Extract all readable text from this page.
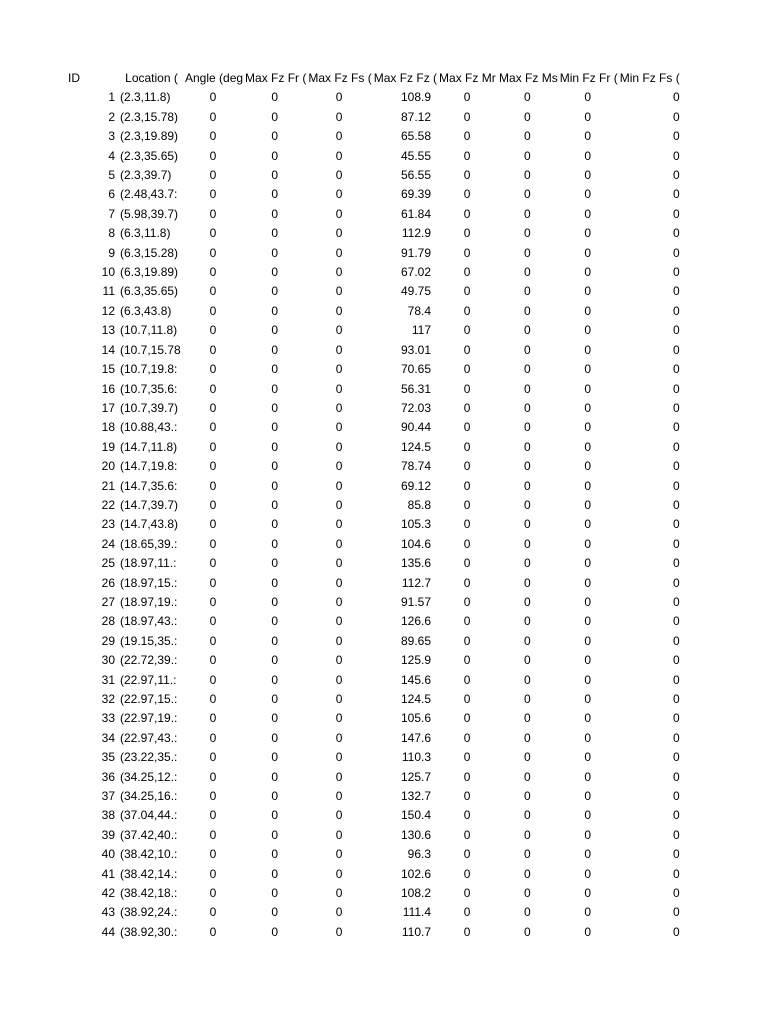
ID	Location (	Angle (deg	Max Fz Fr (	Max Fz Fs (	Max Fz Fz (	Max Fz Mr	Max Fz Ms	Min Fz Fr (	Min Fz Fs (
1	(2.3,11.8)	0	0	0	108.9	0	0	0	0
2	(2.3,15.78)	0	0	0	87.12	0	0	0	0
3	(2.3,19.89)	0	0	0	65.58	0	0	0	0
4	(2.3,35.65)	0	0	0	45.55	0	0	0	0
5	(2.3,39.7)	0	0	0	56.55	0	0	0	0
6	(2.48,43.7:	0	0	0	69.39	0	0	0	0
7	(5.98,39.7)	0	0	0	61.84	0	0	0	0
8	(6.3,11.8)	0	0	0	112.9	0	0	0	0
9	(6.3,15.28)	0	0	0	91.79	0	0	0	0
10	(6.3,19.89)	0	0	0	67.02	0	0	0	0
11	(6.3,35.65)	0	0	0	49.75	0	0	0	0
12	(6.3,43.8)	0	0	0	78.4	0	0	0	0
13	(10.7,11.8)	0	0	0	117	0	0	0	0
14	(10.7,15.78	0	0	0	93.01	0	0	0	0
15	(10.7,19.8:	0	0	0	70.65	0	0	0	0
16	(10.7,35.6:	0	0	0	56.31	0	0	0	0
17	(10.7,39.7)	0	0	0	72.03	0	0	0	0
18	(10.88,43.:	0	0	0	90.44	0	0	0	0
19	(14.7,11.8)	0	0	0	124.5	0	0	0	0
20	(14.7,19.8:	0	0	0	78.74	0	0	0	0
21	(14.7,35.6:	0	0	0	69.12	0	0	0	0
22	(14.7,39.7)	0	0	0	85.8	0	0	0	0
23	(14.7,43.8)	0	0	0	105.3	0	0	0	0
24	(18.65,39.:	0	0	0	104.6	0	0	0	0
25	(18.97,11.:	0	0	0	135.6	0	0	0	0
26	(18.97,15.:	0	0	0	112.7	0	0	0	0
27	(18.97,19.:	0	0	0	91.57	0	0	0	0
28	(18.97,43.:	0	0	0	126.6	0	0	0	0
29	(19.15,35.:	0	0	0	89.65	0	0	0	0
30	(22.72,39.:	0	0	0	125.9	0	0	0	0
31	(22.97,11.:	0	0	0	145.6	0	0	0	0
32	(22.97,15.:	0	0	0	124.5	0	0	0	0
33	(22.97,19.:	0	0	0	105.6	0	0	0	0
34	(22.97,43.:	0	0	0	147.6	0	0	0	0
35	(23.22,35.:	0	0	0	110.3	0	0	0	0
36	(34.25,12.:	0	0	0	125.7	0	0	0	0
37	(34.25,16.:	0	0	0	132.7	0	0	0	0
38	(37.04,44.:	0	0	0	150.4	0	0	0	0
39	(37.42,40.:	0	0	0	130.6	0	0	0	0
40	(38.42,10.:	0	0	0	96.3	0	0	0	0
41	(38.42,14.:	0	0	0	102.6	0	0	0	0
42	(38.42,18.:	0	0	0	108.2	0	0	0	0
43	(38.92,24.:	0	0	0	111.4	0	0	0	0
44	(38.92,30.:	0	0	0	110.7	0	0	0	0
